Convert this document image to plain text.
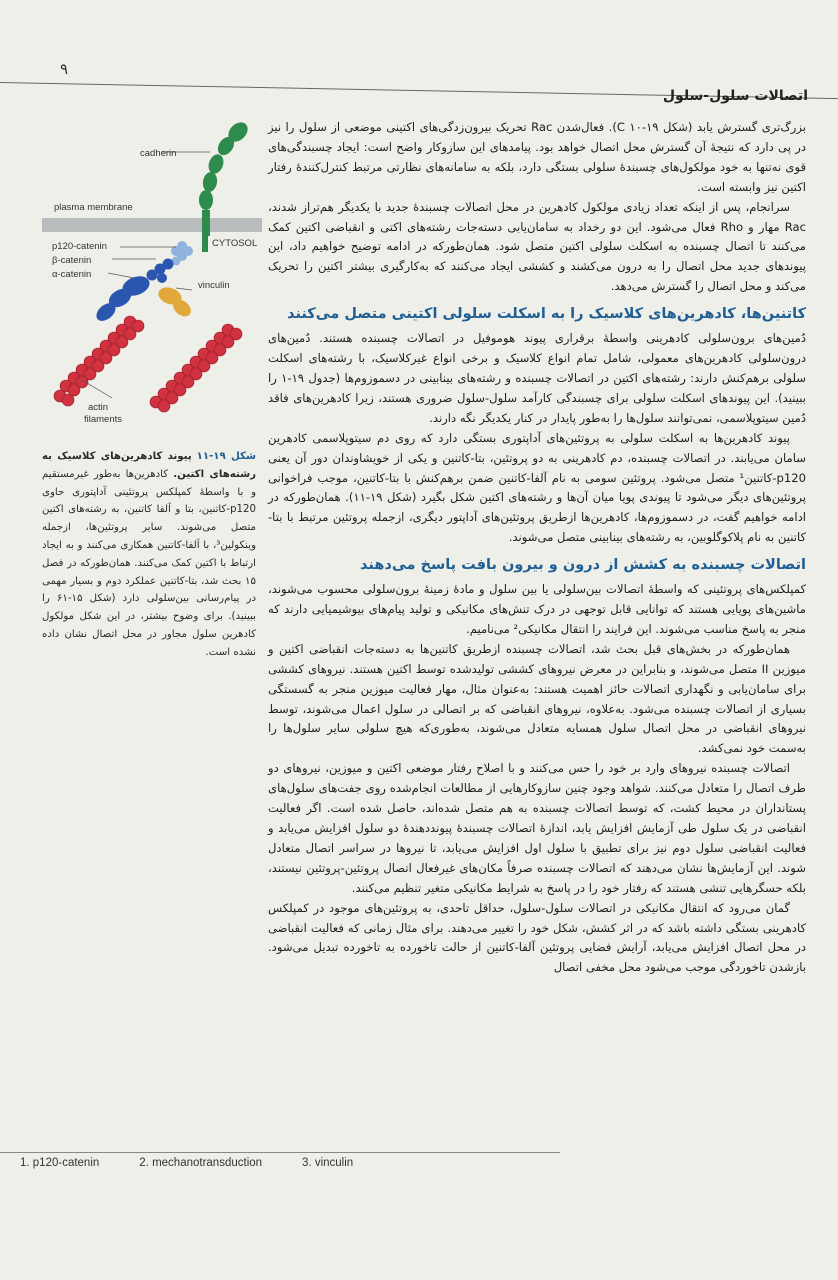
۹
اتصالات سلول-سلول
cadherin
plasma membrane
CYTOSOL
p120-catenin
β-catenin
α-catenin
vinculin
actin
filaments
شکل ۱۹-۱۱ پیوند کادهرین‌های کلاسیک به رشته‌های اکتین. کادهرین‌ها به‌طور غیرمستقیم و با واسطهٔ کمپلکس پروتئینی آداپتوری حاوی p120-کاتنین، بتا و آلفا کاتنین، به رشته‌های اکتین متصل می‌شوند. سایر پروتئین‌ها، ازجمله وینکولین³، با آلفا-کاتنین همکاری می‌کنند و به ایجاد ارتباط با اکتین کمک می‌کنند. همان‌طورکه در فصل ۱۵ بحث شد، بتا-کاتنین عملکرد دوم و بسیار مهمی در پیام‌رسانی بین‌سلولی دارد (شکل ۱۵-۶۱ را ببینید). برای وضوح بیشتر، در این شکل مولکول کادهرین سلول مجاور در محل اتصال نشان داده نشده است.

بزرگ‌تری گسترش یابد (شکل ۱۹-۱۰ C). فعال‌شدن Rac تحریک بیرون‌زدگی‌های اکتینی موضعی از سلول را نیز در پی دارد که نتیجهٔ آن گسترش محل اتصال خواهد بود. پیامدهای این سازوکار واضح است: ایجاد چسبندگی‌های قوی نه‌تنها به خود مولکول‌های چسبندهٔ سلولی بستگی دارد، بلکه به سامانه‌های نظارتی مرتبط کنترل‌کنندهٔ رفتار اکتین نیز وابسته است.

سرانجام، پس از اینکه تعداد زیادی مولکول کادهرین در محل اتصالات چسبندهٔ جدید با یکدیگر هم‌تراز شدند، Rac مهار و Rho فعال می‌شود. این دو رخداد به سامان‌یابی دسته‌جات رشته‌های اکتی و انقباضی اکتین کمک می‌کنند تا اتصال چسبنده به اسکلت سلولی اکتین متصل شود. همان‌طورکه در ادامه توضیح خواهیم داد، این پیوندهای جدید محل اتصال را به درون می‌کشند و کششی ایجاد می‌کنند که به‌کارگیری بیشتر اکتین را تحریک می‌کند و محل اتصال را گسترش می‌دهد.

کاتنین‌ها، کادهرین‌های کلاسیک را به اسکلت سلولی اکتینی متصل می‌کنند

دُمین‌های برون‌سلولی کادهرینی واسطهٔ برقراری پیوند هوموفیل در اتصالات چسبنده هستند. دُمین‌های درون‌سلولی کادهرین‌های معمولی، شامل تمام انواع کلاسیک و برخی انواع غیرکلاسیک، با رشته‌های اسکلت سلولی برهم‌کنش دارند: رشته‌های اکتین در اتصالات چسبنده و رشته‌های بینابینی در دسموزوم‌ها (جدول ۱۹-۱ را ببینید). این پیوندهای اسکلت سلولی برای چسبندگی کارآمد سلول-سلول ضروری هستند، زیرا کادهرین‌های فاقد دُمین سیتوپلاسمی، نمی‌توانند سلول‌ها را به‌طور پایدار در کنار یکدیگر نگه دارند.

پیوند کادهرین‌ها به اسکلت سلولی به پروتئین‌های آداپتوری بستگی دارد که روی دم سیتوپلاسمی کادهرین سامان می‌یابند. در اتصالات چسبنده، دم کادهرینی به دو پروتئین، بتا-کاتنین و یکی از خویشاوندان دور آن یعنی p120-کاتنین¹ متصل می‌شود. پروتئین سومی به نام آلفا-کاتنین ضمن برهم‌کنش با بتا-کاتنین، موجب فراخوانی پروتئین‌های دیگر می‌شود تا پیوندی پویا میان آن‌ها و رشته‌های اکتین شکل بگیرد (شکل ۱۹-۱۱). همان‌طورکه در ادامه خواهیم گفت، در دسموزوم‌ها، کادهرین‌ها ازطریق پروتئین‌های آداپتور دیگری، ازجمله پروتئین مرتبط با بتا-کاتنین به نام پلاکوگلوبین، به رشته‌های بینابینی متصل می‌شوند.

اتصالات چسبنده به کشش از درون و بیرون بافت پاسخ می‌دهند

کمپلکس‌های پروتئینی که واسطهٔ اتصالات بین‌سلولی یا بین سلول و مادهٔ زمینهٔ برون‌سلولی محسوب می‌شوند، ماشین‌های پویایی هستند که توانایی قابل توجهی در درک تنش‌های مکانیکی و تولید پیام‌های بیوشیمیایی دارند که منجر به پاسخ مناسب می‌شوند. این فرایند را انتقال مکانیکی² می‌نامیم.

همان‌طورکه در بخش‌های قبل بحث شد، اتصالات چسبنده ازطریق کاتنین‌ها به دسته‌جات انقباضی اکتین و میوزین II متصل می‌شوند، و بنابراین در معرض نیروهای کششی تولیدشده توسط اکتین هستند. نیروهای کششی برای سامان‌یابی و نگهداری اتصالات حائز اهمیت هستند: به‌عنوان مثال، مهار فعالیت میوزین منجر به گسستگی بسیاری از اتصالات چسبنده می‌شود. به‌علاوه، نیروهای انقباضی که بر اتصالی در سلول اعمال می‌شوند، توسط نیروهای انقباضی در محل اتصال سلول همسایه متعادل می‌شوند، به‌طوری‌که هیچ سلولی سایر سلول‌ها را به‌سمت خود نمی‌کشد.

اتصالات چسبنده نیروهای وارد بر خود را حس می‌کنند و با اصلاح رفتار موضعی اکتین و میوزین، نیروهای دو طرف اتصال را متعادل می‌کنند. شواهد وجود چنین سازوکارهایی از مطالعات انجام‌شده روی جفت‌های سلول‌های پستانداران در محیط کشت، که توسط اتصالات چسبنده به هم متصل شده‌اند، حاصل شده است. اگر فعالیت انقباضی در یک سلول طی آزمایش افزایش یابد، اندازهٔ اتصالات چسبندهٔ پیونددهندهٔ دو سلول افزایش می‌یابد و فعالیت انقباضی سلول دوم نیز برای تطبیق با سلول اول افزایش می‌یابد، تا نیروها در سراسر اتصال متعادل شوند. این آزمایش‌ها نشان می‌دهند که اتصالات چسبنده صرفاً مکان‌های غیرفعال اتصال پروتئین-پروتئین نیستند، بلکه حسگرهایی تنشی هستند که رفتار خود را در پاسخ به شرایط مکانیکی متغیر تنظیم می‌کنند.

گمان می‌رود که انتقال مکانیکی در اتصالات سلول-سلول، حداقل تاحدی، به پروتئین‌های موجود در کمپلکس کادهرینی بستگی داشته باشد که در اثر کشش، شکل خود را تغییر می‌دهند. برای مثال زمانی که فعالیت انقباضی در محل اتصال افزایش می‌یابد، آرایش فضایی پروتئین آلفا-کاتنین از حالت تاخورده به تاخورده تبدیل می‌شود. بازشدن تاخوردگی موجب می‌شود محل مخفی اتصال

1. p120-catenin	2. mechanotransduction	3. vinculin
